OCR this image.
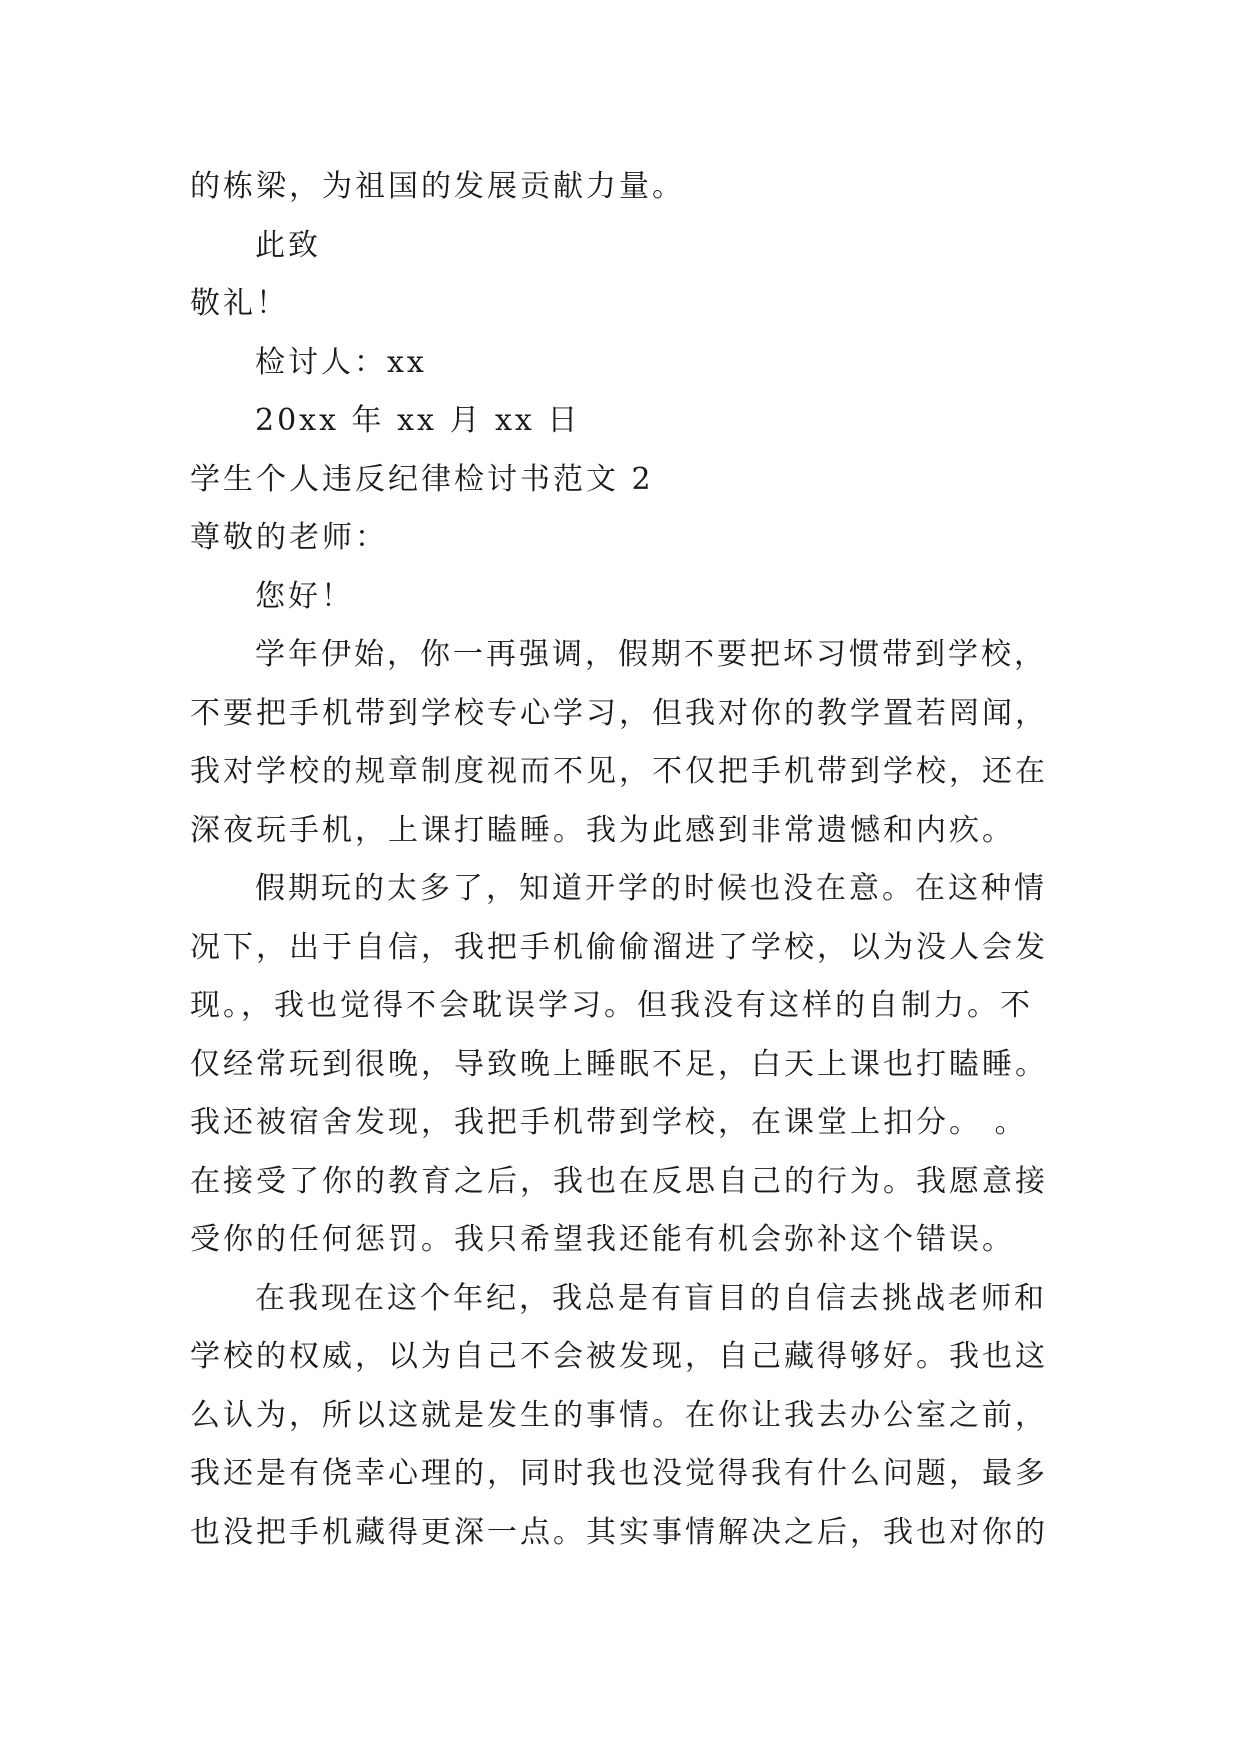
的栋梁，为祖国的发展贡献力量。
此致
敬礼！
检讨人：xx
20xx 年 xx 月 xx 日
学生个人违反纪律检讨书范文 2
尊敬的老师：
您好！
学年伊始，你一再强调，假期不要把坏习惯带到学校，
不要把手机带到学校专心学习，但我对你的教学置若罔闻，
我对学校的规章制度视而不见，不仅把手机带到学校，还在
深夜玩手机，上课打瞌睡。我为此感到非常遗憾和内疚。
假期玩的太多了，知道开学的时候也没在意。在这种情
况下，出于自信，我把手机偷偷溜进了学校，以为没人会发
现。，我也觉得不会耽误学习。但我没有这样的自制力。不
仅经常玩到很晚，导致晚上睡眠不足，白天上课也打瞌睡。
我还被宿舍发现，我把手机带到学校，在课堂上扣分。 。
在接受了你的教育之后，我也在反思自己的行为。我愿意接
受你的任何惩罚。我只希望我还能有机会弥补这个错误。
在我现在这个年纪，我总是有盲目的自信去挑战老师和
学校的权威，以为自己不会被发现，自己藏得够好。我也这
么认为，所以这就是发生的事情。在你让我去办公室之前，
我还是有侥幸心理的，同时我也没觉得我有什么问题，最多
也没把手机藏得更深一点。其实事情解决之后，我也对你的
